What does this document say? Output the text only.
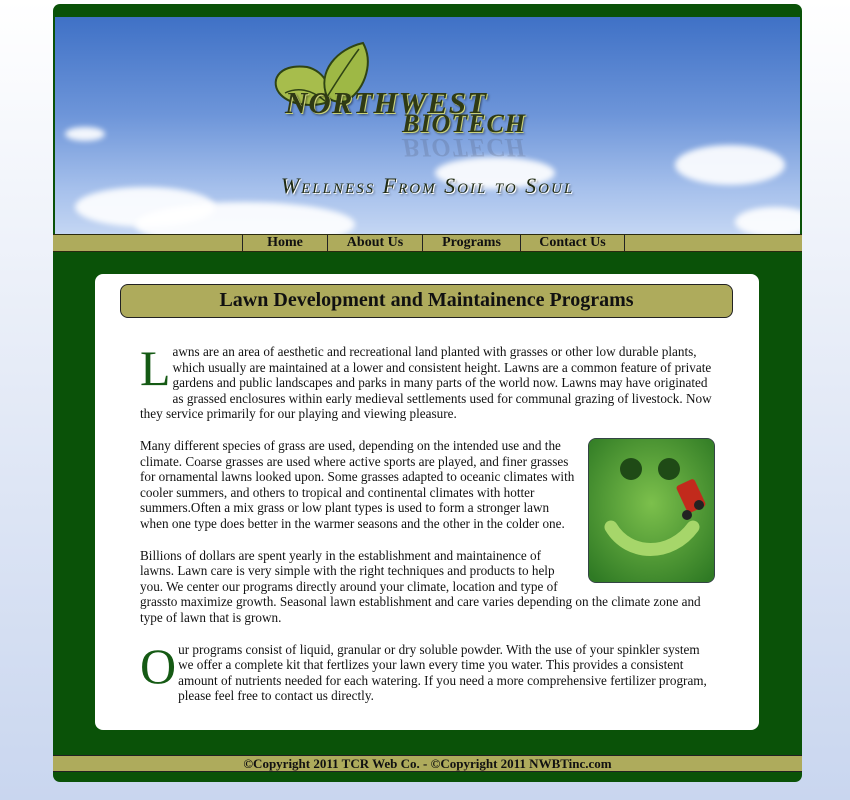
NORTHWEST
BIOTECH
BIOTECH
Wellness From Soil to Soul
Home	About Us	Programs	Contact Us
Lawn Development and Maintainence Programs

Lawns are an area of aesthetic and recreational land planted with grasses or other low durable plants, which usually are maintained at a lower and consistent height. Lawns are a common feature of private gardens and public landscapes and parks in many parts of the world now. Lawns may have originated as grassed enclosures within early medieval settlements used for communal grazing of livestock. Now they service primarily for our playing and viewing pleasure.

Many different species of grass are used, depending on the intended use and the climate. Coarse grasses are used where active sports are played, and finer grasses for ornamental lawns looked upon. Some grasses adapted to oceanic climates with cooler summers, and others to tropical and continental climates with hotter summers.Often a mix grass or low plant types is used to form a stronger lawn when one type does better in the warmer seasons and the other in the colder one.

Billions of dollars are spent yearly in the establishment and maintainence of lawns. Lawn care is very simple with the right techniques and products to help you. We center our programs directly around your climate, location and type of grassto maximize growth. Seasonal lawn establishment and care varies depending on the climate zone and type of lawn that is grown.

Our programs consist of liquid, granular or dry soluble powder. With the use of your spinkler system we offer a complete kit that fertlizes your lawn every time you water. This provides a consistent amount of nutrients needed for each watering. If you need a more comprehensive fertilizer program, please feel free to contact us directly.

©Copyright 2011 TCR Web Co. - ©Copyright 2011 NWBTinc.com
